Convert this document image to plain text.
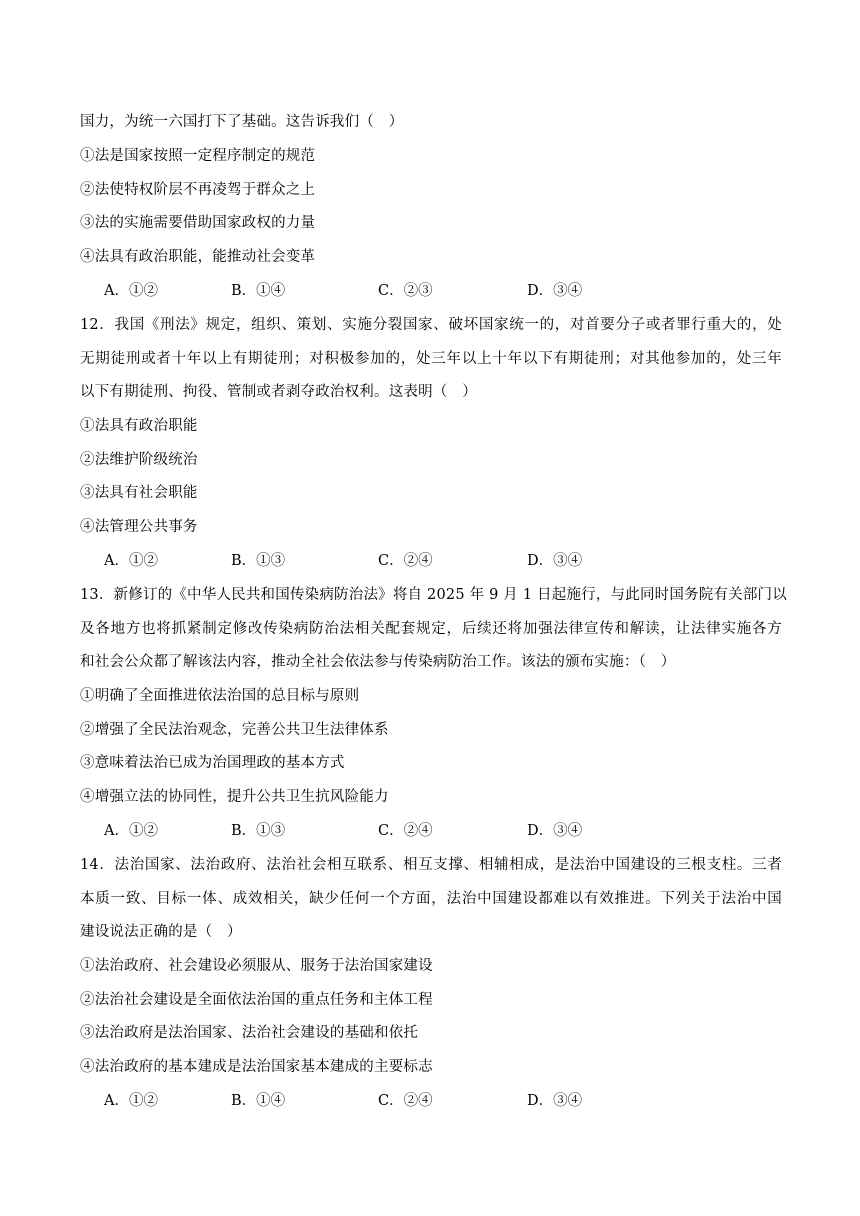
国力，为统一六国打下了基础。这告诉我们（　）
①法是国家按照一定程序制定的规范
②法使特权阶层不再凌驾于群众之上
③法的实施需要借助国家政权的力量
④法具有政治职能，能推动社会变革
A．①②	B．①④	C．②③	D．③④
12．我国《刑法》规定，组织、策划、实施分裂国家、破坏国家统一的，对首要分子或者罪行重大的，处
无期徒刑或者十年以上有期徒刑；对积极参加的，处三年以上十年以下有期徒刑；对其他参加的，处三年
以下有期徒刑、拘役、管制或者剥夺政治权利。这表明（　）
①法具有政治职能
②法维护阶级统治
③法具有社会职能
④法管理公共事务
A．①②	B．①③	C．②④	D．③④
13．新修订的《中华人民共和国传染病防治法》将自 2025 年 9 月 1 日起施行，与此同时国务院有关部门以
及各地方也将抓紧制定修改传染病防治法相关配套规定，后续还将加强法律宣传和解读，让法律实施各方
和社会公众都了解该法内容，推动全社会依法参与传染病防治工作。该法的颁布实施：（　）
①明确了全面推进依法治国的总目标与原则
②增强了全民法治观念，完善公共卫生法律体系
③意味着法治已成为治国理政的基本方式
④增强立法的协同性，提升公共卫生抗风险能力
A．①②	B．①③	C．②④	D．③④
14．法治国家、法治政府、法治社会相互联系、相互支撑、相辅相成，是法治中国建设的三根支柱。三者
本质一致、目标一体、成效相关，缺少任何一个方面，法治中国建设都难以有效推进。下列关于法治中国
建设说法正确的是（　）
①法治政府、社会建设必须服从、服务于法治国家建设
②法治社会建设是全面依法治国的重点任务和主体工程
③法治政府是法治国家、法治社会建设的基础和依托
④法治政府的基本建成是法治国家基本建成的主要标志
A．①②	B．①④	C．②④	D．③④
